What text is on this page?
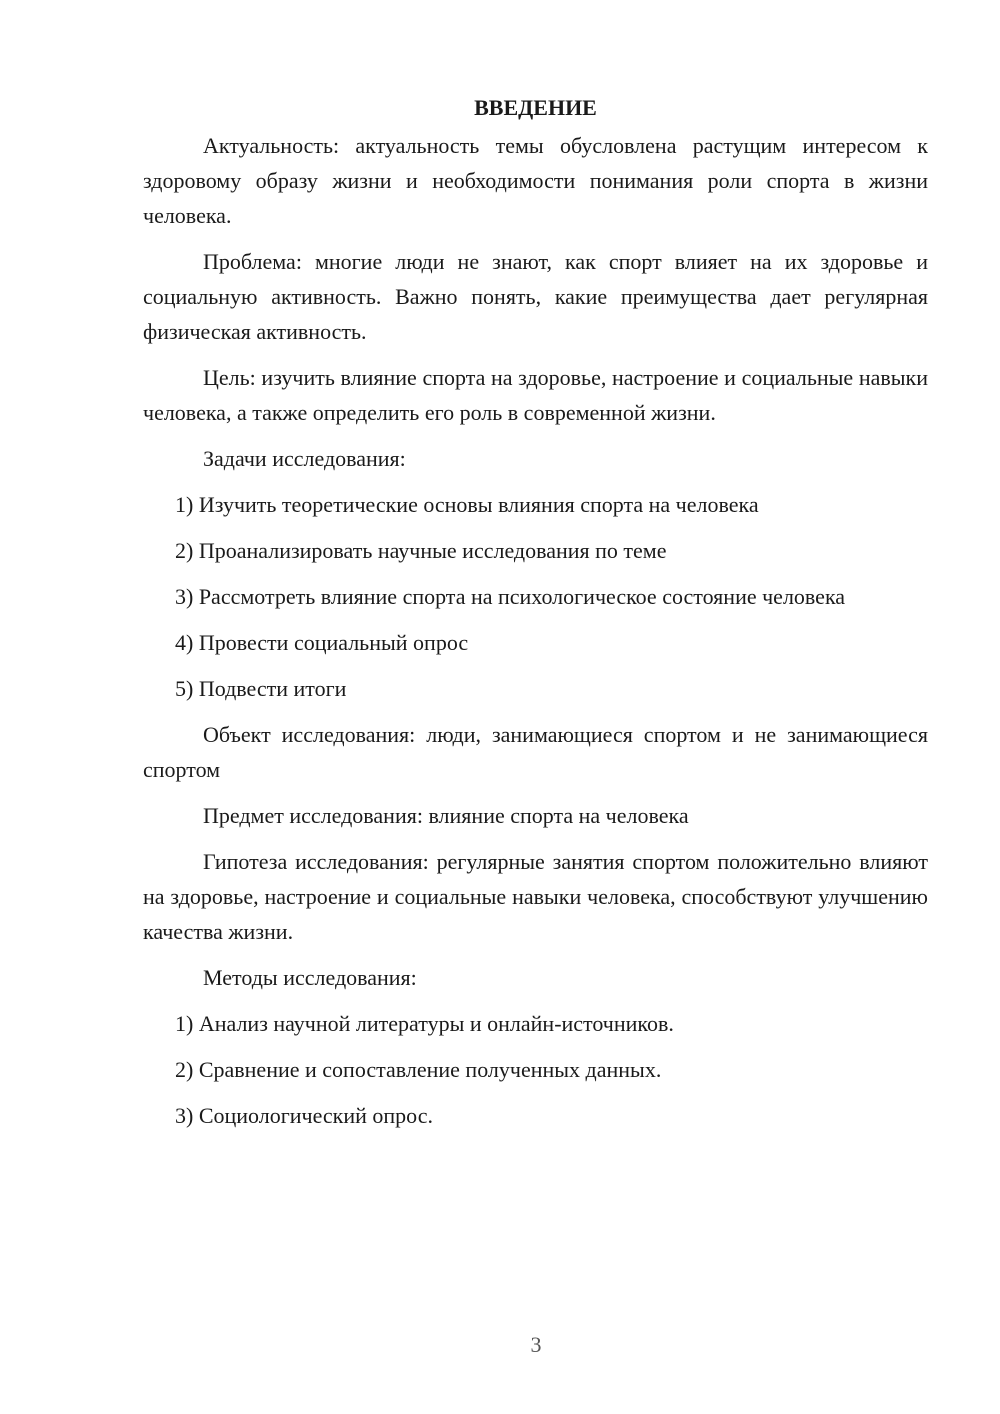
ВВЕДЕНИЕ

Актуальность: актуальность темы обусловлена растущим интересом к здоровому образу жизни и необходимости понимания роли спорта в жизни человека.

Проблема: многие люди не знают, как спорт влияет на их здоровье и социальную активность. Важно понять, какие преимущества дает регулярная физическая активность.

Цель: изучить влияние спорта на здоровье, настроение и социальные навыки человека, а также определить его роль в современной жизни.

Задачи исследования:

1) Изучить теоретические основы влияния спорта на человека

2) Проанализировать научные исследования по теме

3) Рассмотреть влияние спорта на психологическое состояние человека

4) Провести социальный опрос

5) Подвести итоги

Объект исследования: люди, занимающиеся спортом и не занимающиеся спортом

Предмет исследования: влияние спорта на человека

Гипотеза исследования: регулярные занятия спортом положительно влияют на здоровье, настроение и социальные навыки человека, способствуют улучшению качества жизни.

Методы исследования:

1) Анализ научной литературы и онлайн-источников.

2) Сравнение и сопоставление полученных данных.

3) Социологический опрос.

3
